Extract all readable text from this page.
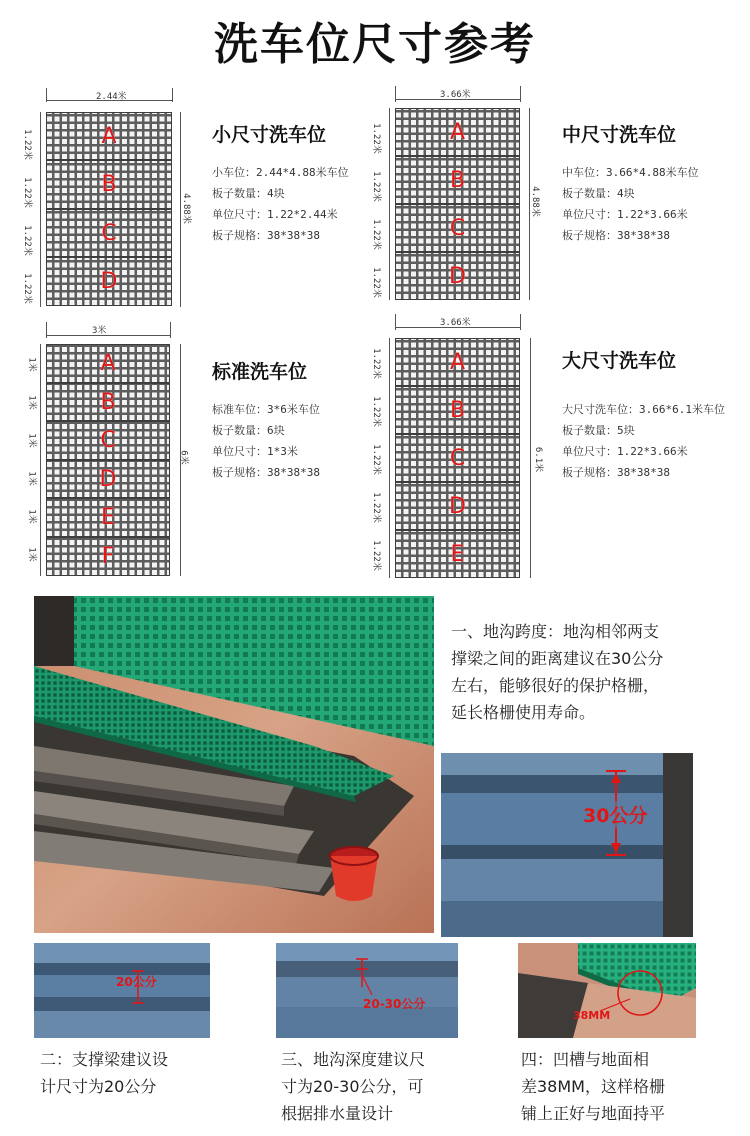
洗车位尺寸参考
2.44米
4.88米
1.22米
1.22米
1.22米
1.22米
A
B
C
D
小尺寸洗车位
小车位：2.44*4.88米车位
板子数量：4块
单位尺寸：1.22*2.44米
板子规格：38*38*38
3.66米
4.88米
1.22米
1.22米
1.22米
1.22米
A
B
C
D
中尺寸洗车位
中车位：3.66*4.88米车位
板子数量：4块
单位尺寸：1.22*3.66米
板子规格：38*38*38
3米
6米
1米
1米
1米
1米
1米
1米
A
B
C
D
E
F
标准洗车位
标准车位：3*6米车位
板子数量：6块
单位尺寸：1*3米
板子规格：38*38*38
3.66米
6.1米
1.22米
1.22米
1.22米
1.22米
1.22米
A
B
C
D
E
大尺寸洗车位
大尺寸洗车位：3.66*6.1米车位
板子数量：5块
单位尺寸：1.22*3.66米
板子规格：38*38*38
一、地沟跨度：地沟相邻两支
撑梁之间的距离建议在30公分
左右，能够很好的保护格栅，
延长格栅使用寿命。
30公分
20公分
20-30公分
38MM
二：支撑梁建议设
计尺寸为20公分
三、地沟深度建议尺
寸为20-30公分，可
根据排水量设计
四：凹槽与地面相
差38MM，这样格栅
铺上正好与地面持平
